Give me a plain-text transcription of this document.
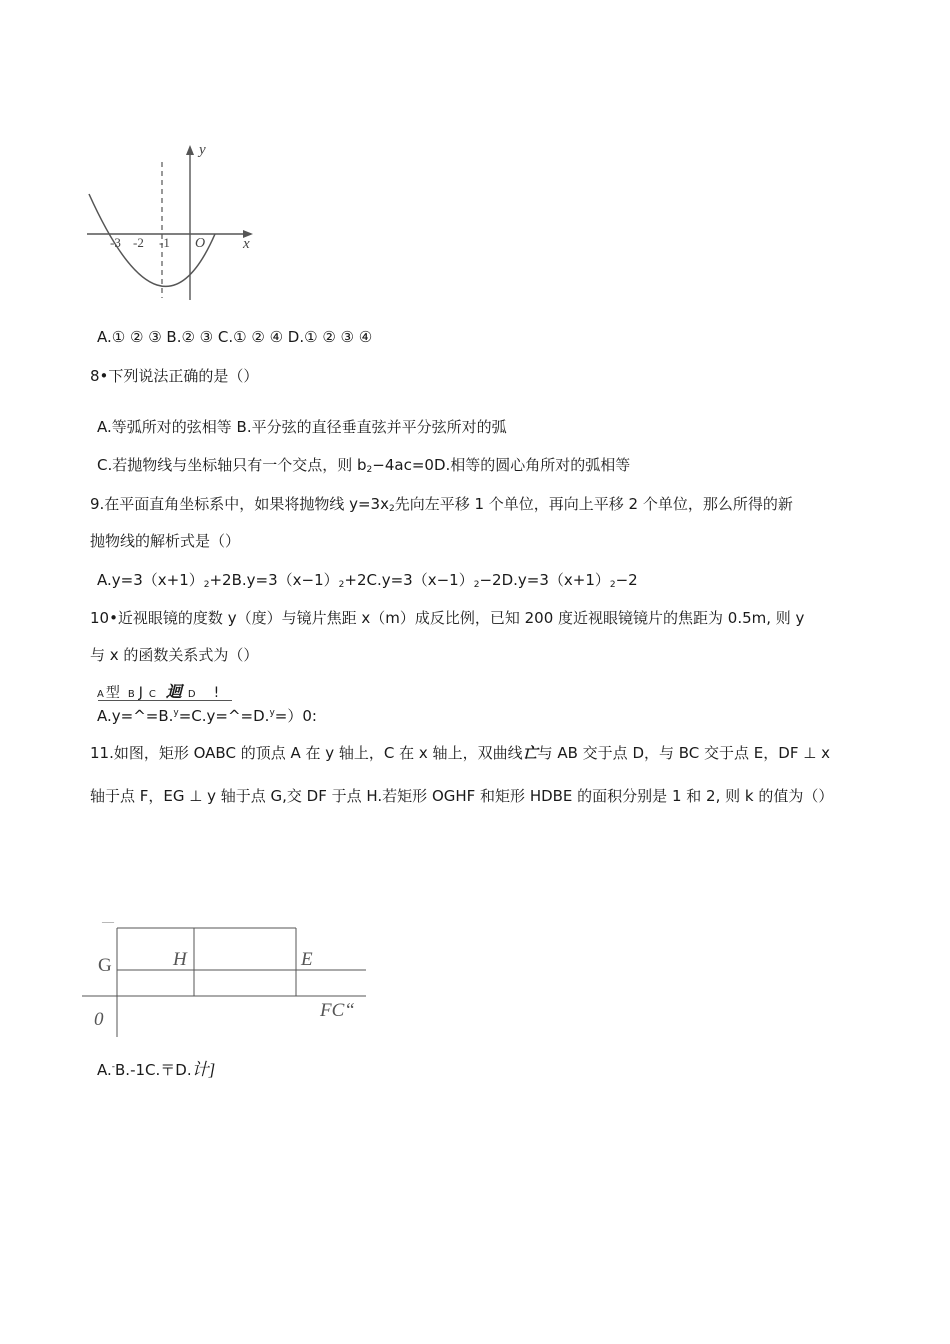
y
x
O
-3 -2 -1
A.① ② ③ B.② ③ C.① ② ④ D.① ② ③ ④
8•下列说法正确的是（）
A.等弧所对的弦相等 B.平分弦的直径垂直弦并平分弦所对的弧
C.若抛物线与坐标轴只有一个交点，则 $b_2-4ac=0D$.相等的圆心角所对的弧相等
9.在平面直角坐标系中，如果将抛物线 $y=3x_2$先向左平移 1 个单位，再向上平移 2 个单位，那么所得的新
抛物线的解析式是（）
$A.y=3(x+1)_2+2B.y=3(x-1)_2+2C.y=3(x-1)_2-2D.y=3(x+1)_2-2$
10•近视眼镜的度数 y（度）与镜片焦距 x（m）成反比例，已知 200 度近视眼镜镜片的焦距为 0.5m, 则 y
与 x 的函数关系式为（）
A 型 B J C 迴 D !
A.y=^=B.$^y$=C.y=^=D.$^y$=）0:
11.如图，矩形 OABC 的顶点 A 在 y 轴上，C 在 x 轴上，双曲线亡与 AB 交于点 D，与 BC 交于点 E，DF ⊥ x
轴于点 F，EG ⊥ y 轴于点 G,交 DF 于点 H.若矩形 OGHF 和矩形 HDBE 的面积分别是 1 和 2, 则 k 的值为（）
—
G	H	E
0	FC“
A.-B.-1C.〒D.计]
